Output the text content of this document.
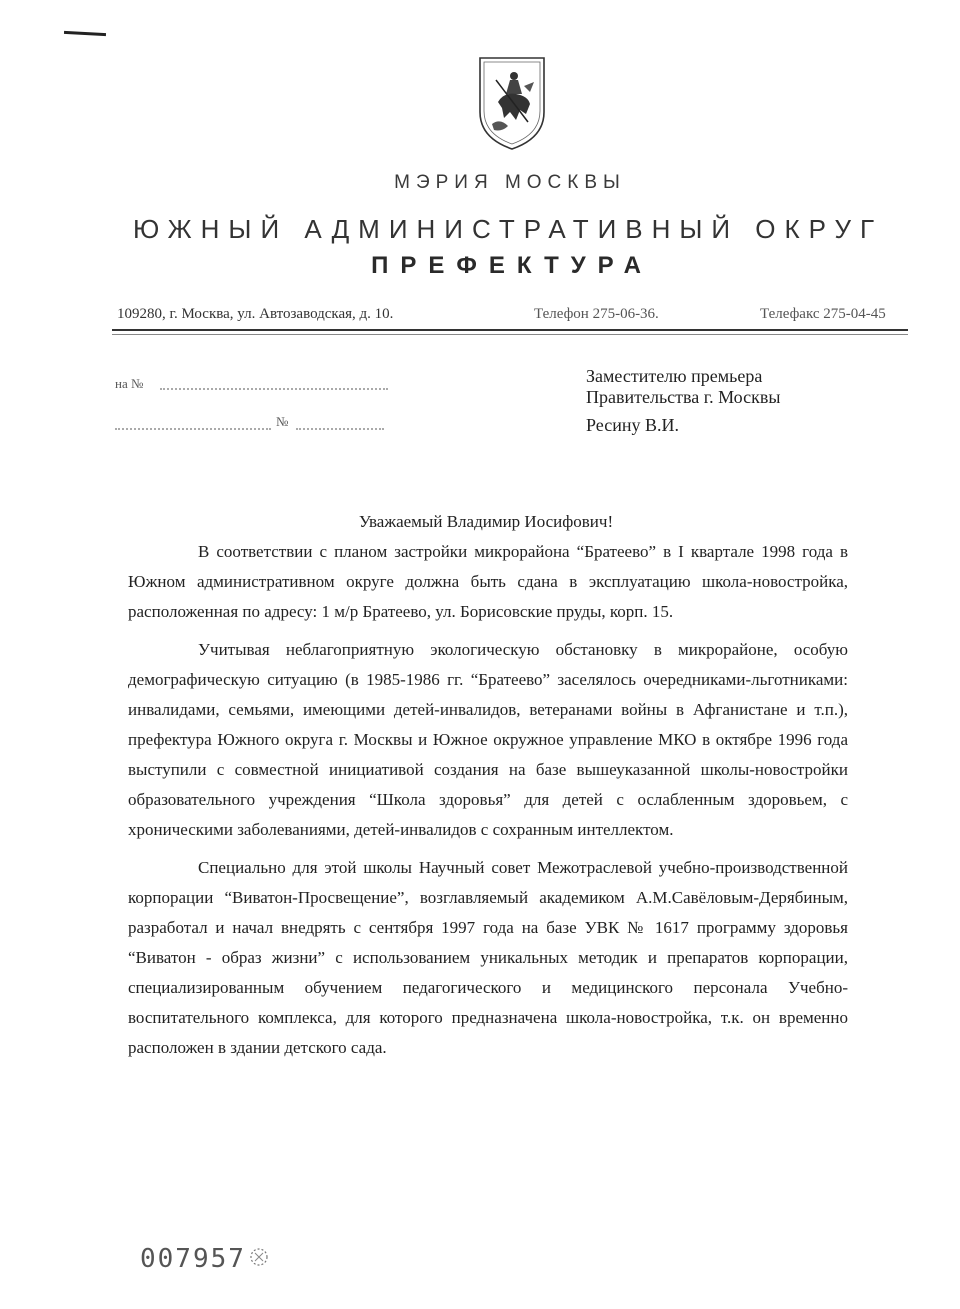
МЭРИЯ МОСКВЫ
ЮЖНЫЙ АДМИНИСТРАТИВНЫЙ ОКРУГ
ПРЕФЕКТУРА
109280, г. Москва, ул. Автозаводская, д. 10.	Телефон 275-06-36.	Телефакс 275-04-45
на №
№
Заместителю премьера
Правительства г. Москвы
Ресину В.И.
Уважаемый Владимир Иосифович!

В соответствии с планом застройки микрорайона “Братеево” в I квартале 1998 года в Южном административном округе должна быть сдана в эксплуатацию школа-новостройка, расположенная по адресу: 1 м/р Братеево, ул. Борисовские пруды, корп. 15.

Учитывая неблагоприятную экологическую обстановку в микрорайоне, особую демографическую ситуацию (в 1985-1986 гг. “Братеево” заселялось очередниками-льготниками: инвалидами, семьями, имеющими детей-инвалидов, ветеранами войны в Афганистане и т.п.), префектура Южного округа г. Москвы и Южное окружное управление МКО в октябре 1996 года выступили с совместной инициативой создания на базе вышеуказанной школы-новостройки образовательного учреждения “Школа здоровья” для детей с ослабленным здоровьем, с хроническими заболеваниями, детей-инвалидов с сохранным интеллектом.

Специально для этой школы Научный совет Межотраслевой учебно-производственной корпорации “Виватон-Просвещение”, возглавляемый академиком А.М.Савёловым-Дерябиным, разработал и начал внедрять с сентября 1997 года на базе УВК № 1617 программу здоровья “Виватон - образ жизни” с использованием уникальных методик и препаратов корпорации, специализированным обучением педагогического и медицинского персонала Учебно-воспитательного комплекса, для которого предназначена школа-новостройка, т.к. он временно расположен в здании детского сада.

007957
